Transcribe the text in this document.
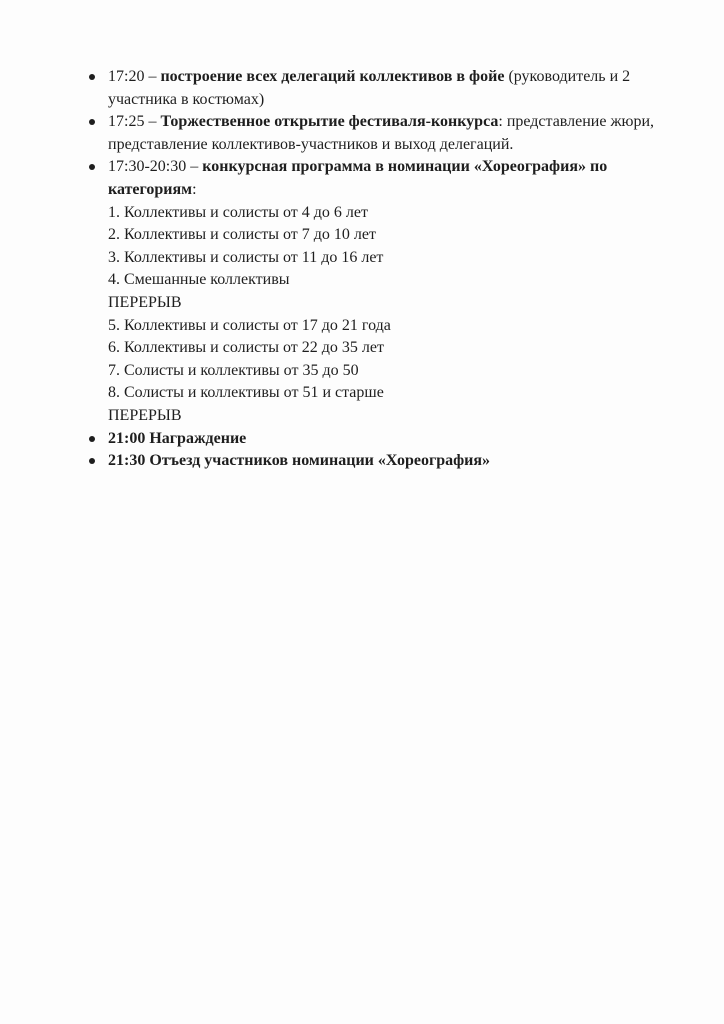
17:20 – построение всех делегаций коллективов в фойе (руководитель и 2 участника в костюмах)

17:25 – Торжественное открытие фестиваля-конкурса: представление жюри, представление коллективов-участников и выход делегаций.

17:30-20:30 – конкурсная программа в номинации «Хореография» по категориям:

1. Коллективы и солисты от 4 до 6 лет

2. Коллективы и солисты от 7 до 10 лет

3. Коллективы и солисты от 11 до 16 лет

4. Смешанные коллективы

ПЕРЕРЫВ

5. Коллективы и солисты от 17 до 21 года

6. Коллективы и солисты от 22 до 35 лет

7. Солисты и коллективы от 35 до 50

8. Солисты и коллективы от 51 и старше

ПЕРЕРЫВ

21:00 Награждение

21:30 Отъезд участников номинации «Хореография»
